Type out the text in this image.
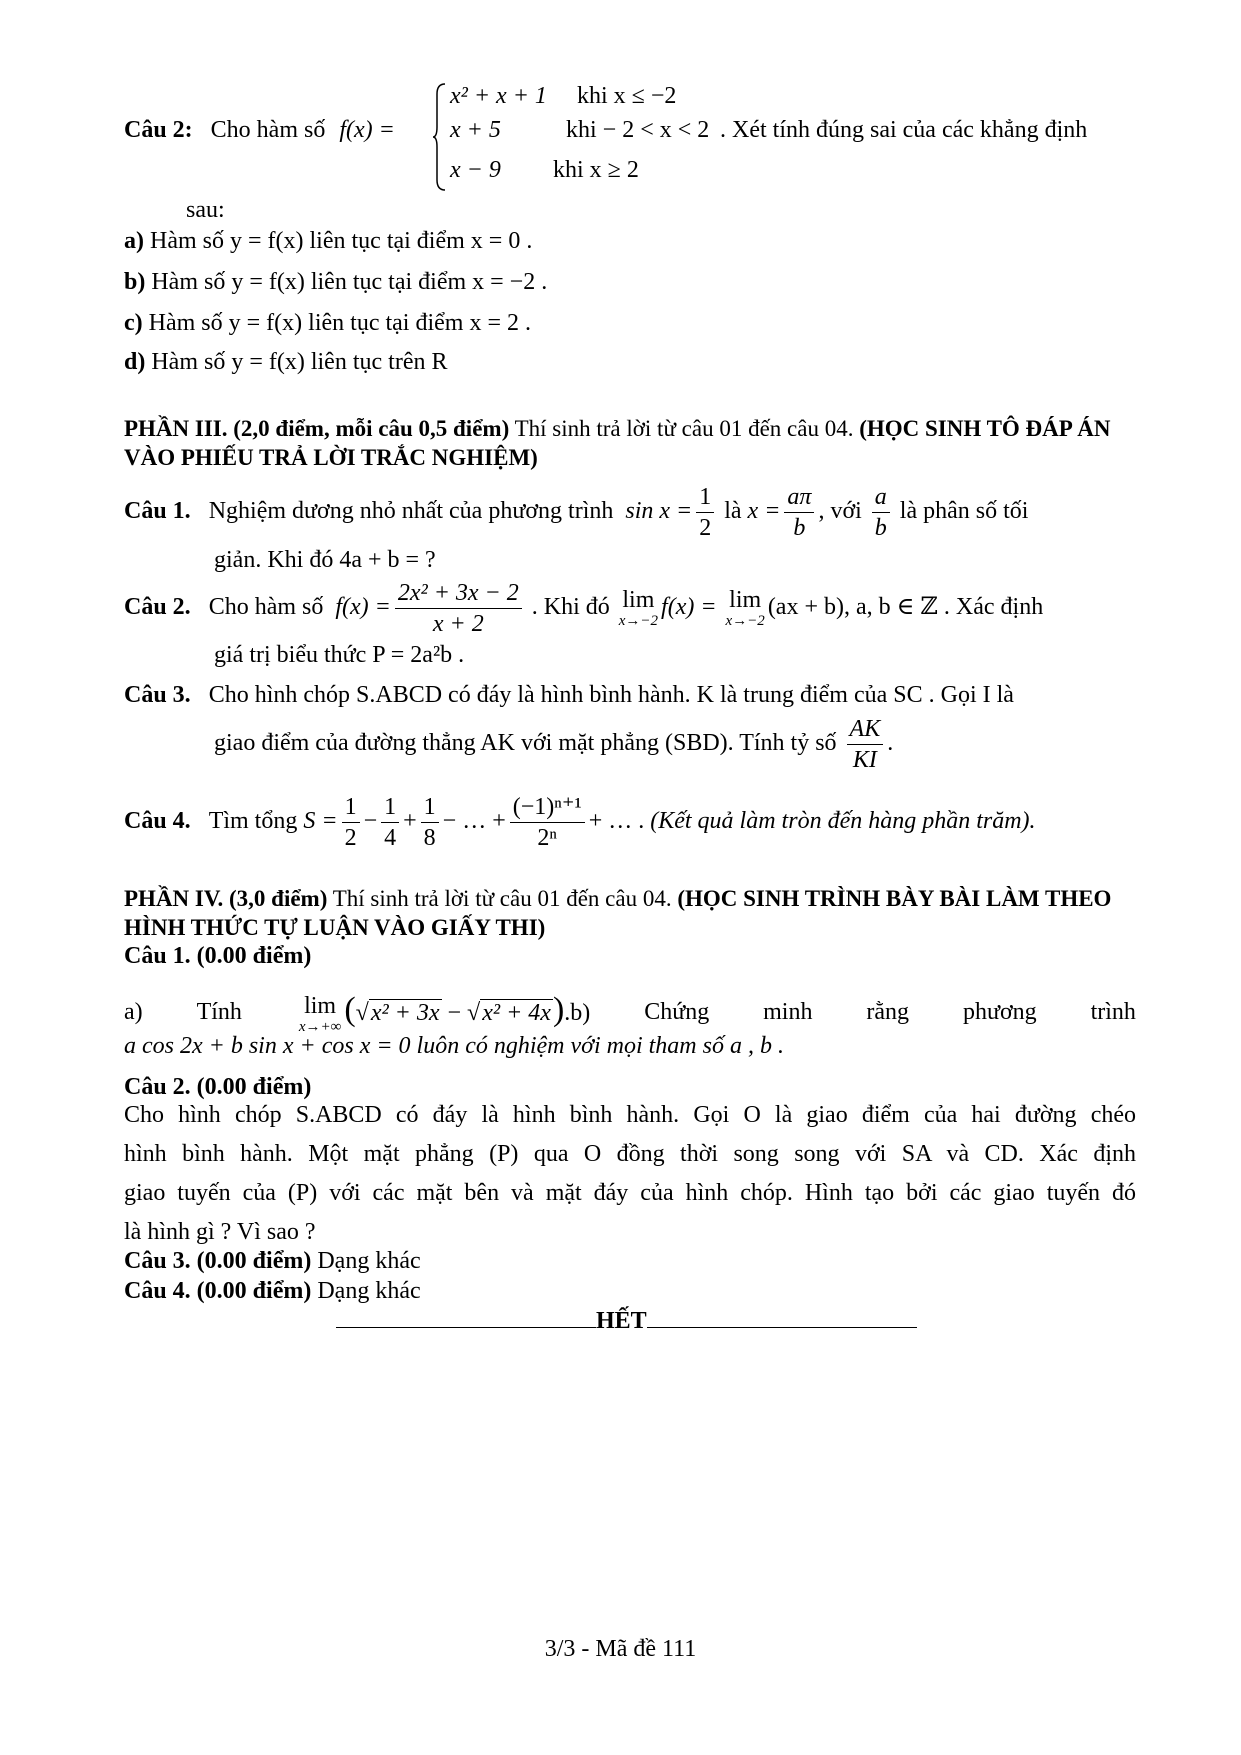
Câu 2: Cho hàm số f(x) =
x² + x + 1 khi x ≤ −2
x + 5	khi − 2 < x < 2
x − 9 khi x ≥ 2
. Xét tính đúng sai của các khẳng định
sau:
a) Hàm số y = f(x) liên tục tại điểm x = 0 .
b) Hàm số y = f(x) liên tục tại điểm x = −2 .
c) Hàm số y = f(x) liên tục tại điểm x = 2 .
d) Hàm số y = f(x) liên tục trên R
PHẦN III. (2,0 điểm, mỗi câu 0,5 điểm) Thí sinh trả lời từ câu 01 đến câu 04. (HỌC SINH TÔ ĐÁP ÁN VÀO PHIẾU TRẢ LỜI TRẮC NGHIỆM)
Câu 1. Nghiệm dương nhỏ nhất của phương trình $\sin x = \frac{1}{2}$ là $x = \frac{a\pi}{b}$ , với $\frac{a}{b}$ là phân số tối
giản. Khi đó 4a + b = ?
Câu 2. Cho hàm số $f(x) = \frac{\text{2x² + 3x − 2}}{x + 2}$ . Khi đó lim
x→−2
f(x) = lim
x→−2
(ax + b), a, b ∈ ℤ . Xác định
giá trị biểu thức P = 2a²b .
Câu 3. Cho hình chóp S.ABCD có đáy là hình bình hành. K là trung điểm của SC . Gọi I là
giao điểm của đường thẳng AK với mặt phẳng (SBD). Tính tỷ số $\frac{AK}{KI}$ .
Câu 4. Tìm tổng $S = \frac{1}{2} - \frac{1}{4} + \frac{1}{8}$ − … + $\frac{\text{(−1)ⁿ⁺¹}}{\text{2ⁿ}}$ + … . (Kết quả làm tròn đến hàng phần trăm).
PHẦN IV. (3,0 điểm) Thí sinh trả lời từ câu 01 đến câu 04. (HỌC SINH TRÌNH BÀY BÀI LÀM THEO HÌNH THỨC TỰ LUẬN VÀO GIẤY THI)
Câu 1. (0.00 điểm)
a) Tính	lim
x→+∞ (√x² + 3x − √x² + 4x).b) Chứng minh rằng phương trình
a cos 2x + b sin x + cos x = 0 luôn có nghiệm với mọi tham số a , b .
Câu 2. (0.00 điểm)
Cho hình chóp S.ABCD có đáy là hình bình hành. Gọi O là giao điểm của hai đường chéo
hình bình hành. Một mặt phẳng (P) qua O đồng thời song song với SA và CD. Xác định
giao tuyến của (P) với các mặt bên và mặt đáy của hình chóp. Hình tạo bởi các giao tuyến đó
là hình gì ? Vì sao ?
Câu 3. (0.00 điểm) Dạng khác
Câu 4. (0.00 điểm) Dạng khác
HẾT
3/3 - Mã đề 111
